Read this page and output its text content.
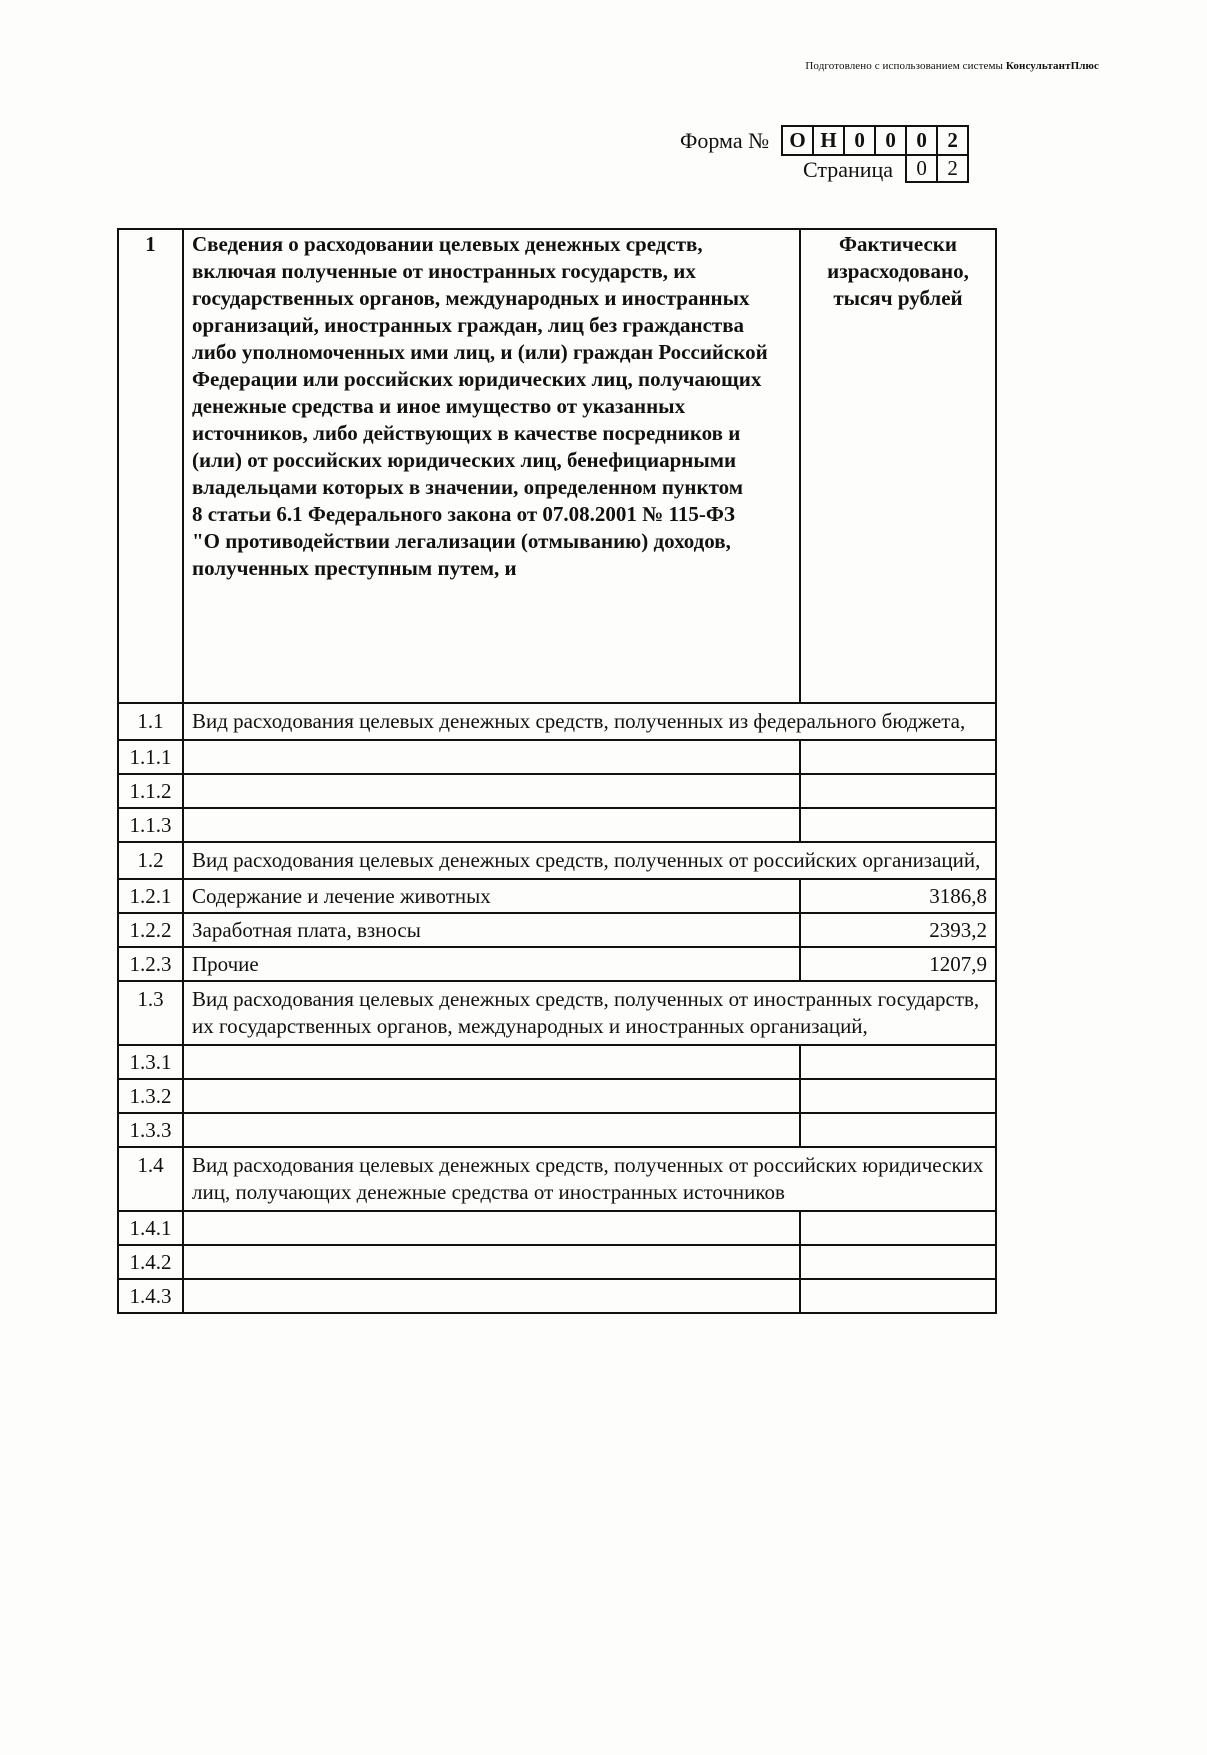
Подготовлено с использованием системы КонсультантПлюс
Форма № О Н 0 0 0 2
Страница	0 2
1	Сведения о расходовании целевых денежных средств, включая полученные от иностранных государств, их государственных органов, международных и иностранных организаций, иностранных граждан, лиц без гражданства либо уполномоченных ими лиц, и (или) граждан Российской Федерации или российских юридических лиц, получающих денежные средства и иное имущество от указанных источников, либо действующих в качестве посредников и (или) от российских юридических лиц, бенефициарными владельцами которых в значении, определенном пунктом
8 статьи 6.1 Федерального закона от 07.08.2001 № 115-ФЗ
"О противодействии легализации (отмыванию) доходов, полученных преступным путем, и	Фактически израсходовано, тысяч рублей
1.1	Вид расходования целевых денежных средств, полученных из федерального бюджета,	
1.1.1		
1.1.2		
1.1.3		
1.2	Вид расходования целевых денежных средств, полученных от российских организаций,	
1.2.1	Содержание и лечение животных	3186,8
1.2.2	Заработная плата, взносы	2393,2
1.2.3	Прочие	1207,9
1.3	Вид расходования целевых денежных средств, полученных от иностранных государств,
их государственных органов, международных и иностранных организаций,	

1.3.1		
1.3.2		
1.3.3		
1.4	Вид расходования целевых денежных средств, полученных от российских юридических лиц, получающих денежные средства от иностранных источников	
1.4.1		
1.4.2		
1.4.3		
